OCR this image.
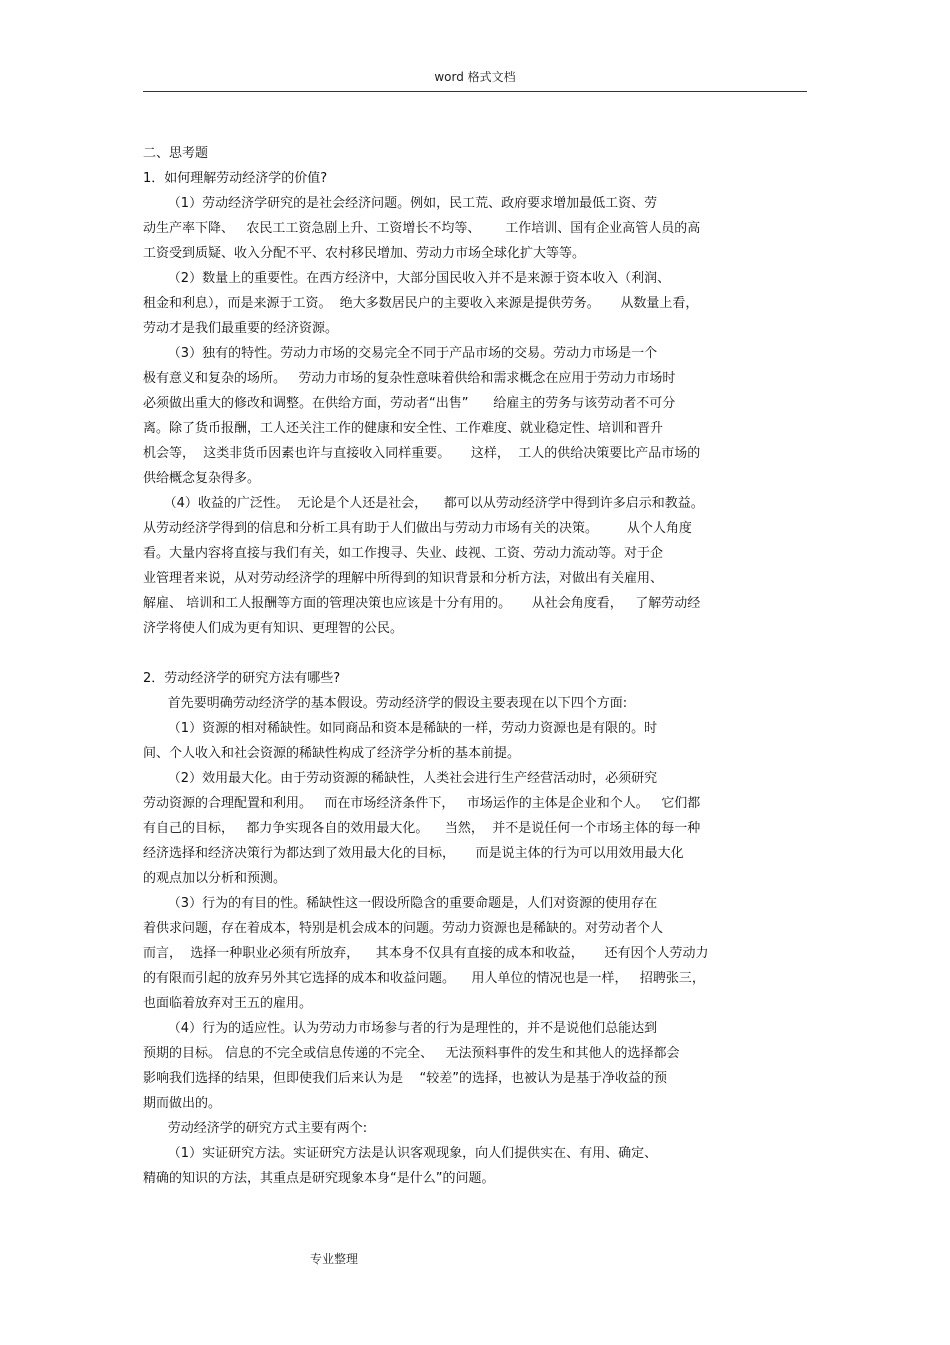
word 格式文档
二、思考题
1．如何理解劳动经济学的价值?
（1）劳动经济学研究的是社会经济问题。例如，民工荒、政府要求增加最低工资、劳
动生产率下降、   农民工工资急剧上升、工资增长不均等、      工作培训、国有企业高管人员的高
工资受到质疑、收入分配不平、农村移民增加、劳动力市场全球化扩大等等。
（2）数量上的重要性。在西方经济中，大部分国民收入并不是来源于资本收入（利润、
租金和利息），而是来源于工资。  绝大多数居民户的主要收入来源是提供劳务。     从数量上看，
劳动才是我们最重要的经济资源。
（3）独有的特性。劳动力市场的交易完全不同于产品市场的交易。劳动力市场是一个
极有意义和复杂的场所。   劳动力市场的复杂性意味着供给和需求概念在应用于劳动力市场时
必须做出重大的修改和调整。在供给方面，劳动者“出售”      给雇主的劳务与该劳动者不可分
离。除了货币报酬，工人还关注工作的健康和安全性、工作难度、就业稳定性、培训和晋升
机会等，  这类非货币因素也许与直接收入同样重要。     这样，  工人的供给决策要比产品市场的
供给概念复杂得多。
（4）收益的广泛性。  无论是个人还是社会，    都可以从劳动经济学中得到许多启示和教益。
从劳动经济学得到的信息和分析工具有助于人们做出与劳动力市场有关的决策。       从个人角度
看。大量内容将直接与我们有关，如工作搜寻、失业、歧视、工资、劳动力流动等。对于企
业管理者来说，从对劳动经济学的理解中所得到的知识背景和分析方法，对做出有关雇用、
解雇、 培训和工人报酬等方面的管理决策也应该是十分有用的。     从社会角度看，   了解劳动经
济学将使人们成为更有知识、更理智的公民。
2．劳动经济学的研究方法有哪些?
首先要明确劳动经济学的基本假设。劳动经济学的假设主要表现在以下四个方面:
（1）资源的相对稀缺性。如同商品和资本是稀缺的一样，劳动力资源也是有限的。时
间、个人收入和社会资源的稀缺性构成了经济学分析的基本前提。
（2）效用最大化。由于劳动资源的稀缺性，人类社会进行生产经营活动时，必须研究
劳动资源的合理配置和利用。   而在市场经济条件下，   市场运作的主体是企业和个人。   它们都
有自己的目标，   都力争实现各自的效用最大化。    当然，  并不是说任何一个市场主体的每一种
经济选择和经济决策行为都达到了效用最大化的目标，     而是说主体的行为可以用效用最大化
的观点加以分析和预测。
（3）行为的有目的性。稀缺性这一假设所隐含的重要命题是，人们对资源的使用存在
着供求问题，存在着成本，特别是机会成本的问题。劳动力资源也是稀缺的。对劳动者个人
而言，  选择一种职业必须有所放弃，    其本身不仅具有直接的成本和收益，     还有因个人劳动力
的有限而引起的放弃另外其它选择的成本和收益问题。    用人单位的情况也是一样，   招聘张三，
也面临着放弃对王五的雇用。
（4）行为的适应性。认为劳动力市场参与者的行为是理性的，并不是说他们总能达到
预期的目标。 信息的不完全或信息传递的不完全、   无法预料事件的发生和其他人的选择都会
影响我们选择的结果，但即使我们后来认为是    “较差”的选择，也被认为是基于净收益的预
期而做出的。
劳动经济学的研究方式主要有两个:
（1）实证研究方法。实证研究方法是认识客观现象，向人们提供实在、有用、确定、
精确的知识的方法，其重点是研究现象本身“是什么”的问题。
专业整理
